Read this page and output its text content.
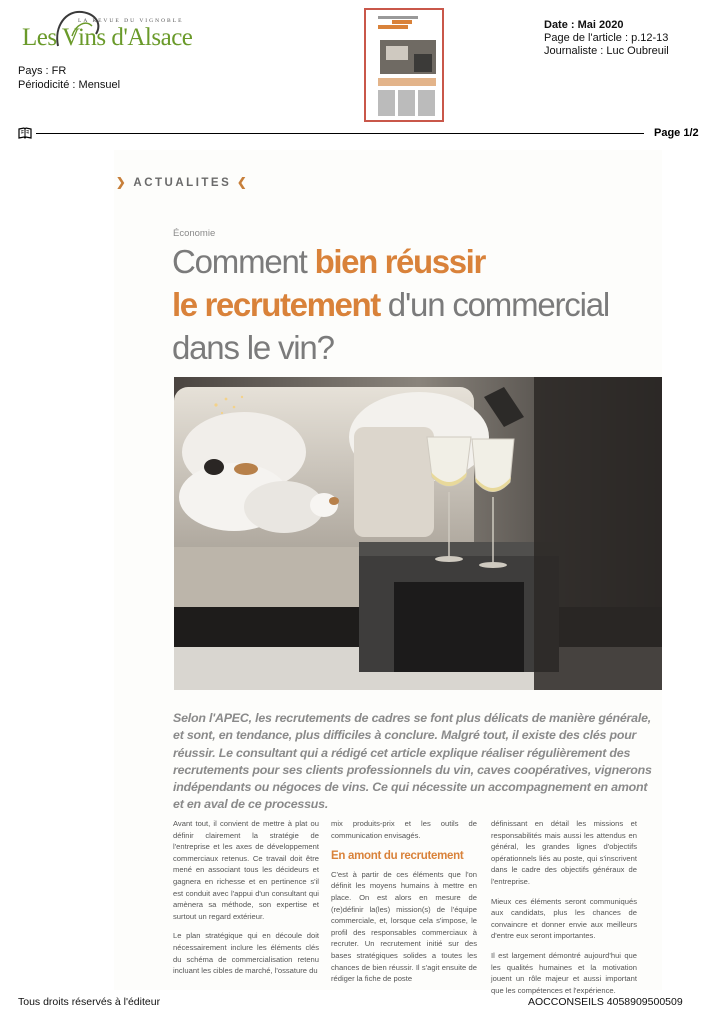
LA REVUE DU VIGNOBLE
Les Vins d'Alsace
Pays : FR
Périodicité : Mensuel
Date : Mai 2020
Page de l'article : p.12-13
Journaliste : Luc Oubreuil
Page 1/2
❯ ACTUALITES ❮
Économie
Comment bien réussir
le recrutement d'un commercial
dans le vin?
Selon l'APEC, les recrutements de cadres se font plus délicats de manière générale, et sont, en tendance, plus difficiles à conclure. Malgré tout, il existe des clés pour réussir. Le consultant qui a rédigé cet article explique réaliser régulièrement des recrutements pour ses clients professionnels du vin, caves coopératives, vignerons indépendants ou négoces de vins. Ce qui nécessite un accompagnement en amont et en aval de ce processus.

Avant tout, il convient de mettre à plat ou définir clairement la stratégie de l'entreprise et les axes de développement commerciaux retenus. Ce travail doit être mené en associant tous les décideurs et gagnera en richesse et en pertinence s'il est conduit avec l'appui d'un consultant qui amènera sa méthode, son expertise et surtout un regard extérieur.

Le plan stratégique qui en découle doit nécessairement inclure les éléments clés du schéma de commercialisation retenu incluant les cibles de marché, l'ossature du

mix produits-prix et les outils de communication envisagés.

En amont du recrutement

C'est à partir de ces éléments que l'on définit les moyens humains à mettre en place. On est alors en mesure de (re)définir la(les) mission(s) de l'équipe commerciale, et, lorsque cela s'impose, le profil des responsables commerciaux à recruter. Un recrutement initié sur des bases stratégiques solides a toutes les chances de bien réussir. Il s'agit ensuite de rédiger la fiche de poste

définissant en détail les missions et responsabilités mais aussi les attendus en général, les grandes lignes d'objectifs opérationnels liés au poste, qui s'inscrivent dans le cadre des objectifs généraux de l'entreprise.

Mieux ces éléments seront communiqués aux candidats, plus les chances de convaincre et donner envie aux meilleurs d'entre eux seront importantes.

Il est largement démontré aujourd'hui que les qualités humaines et la motivation jouent un rôle majeur et aussi important que les compétences et l'expérience.

Tous droits réservés à l'éditeur	AOCCONSEILS 4058909500509
